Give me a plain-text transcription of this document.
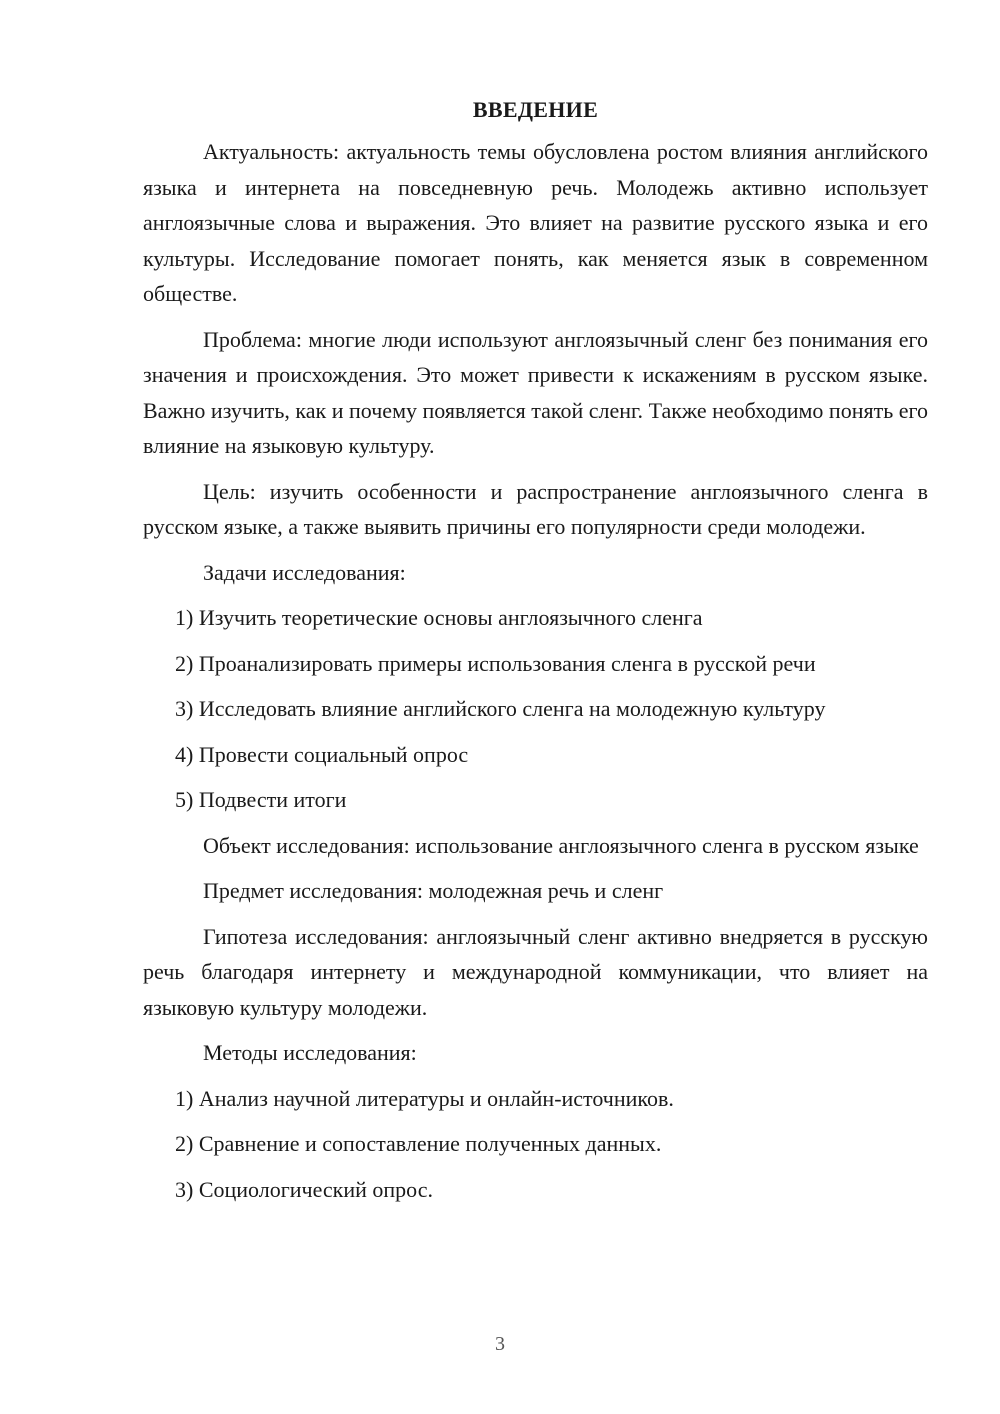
ВВЕДЕНИЕ

Актуальность: актуальность темы обусловлена ростом влияния английского языка и интернета на повседневную речь. Молодежь активно использует англоязычные слова и выражения. Это влияет на развитие русского языка и его культуры. Исследование помогает понять, как меняется язык в современном обществе.

Проблема: многие люди используют англоязычный сленг без понимания его значения и происхождения. Это может привести к искажениям в русском языке. Важно изучить, как и почему появляется такой сленг. Также необходимо понять его влияние на языковую культуру.

Цель: изучить особенности и распространение англоязычного сленга в русском языке, а также выявить причины его популярности среди молодежи.

Задачи исследования:

1) Изучить теоретические основы англоязычного сленга
2) Проанализировать примеры использования сленга в русской речи
3) Исследовать влияние английского сленга на молодежную культуру
4) Провести социальный опрос
5) Подвести итоги

Объект исследования: использование англоязычного сленга в русском языке

Предмет исследования: молодежная речь и сленг

Гипотеза исследования: англоязычный сленг активно внедряется в русскую речь благодаря интернету и международной коммуникации, что влияет на языковую культуру молодежи.

Методы исследования:

1) Анализ научной литературы и онлайн-источников.
2) Сравнение и сопоставление полученных данных.
3) Социологический опрос.
3
